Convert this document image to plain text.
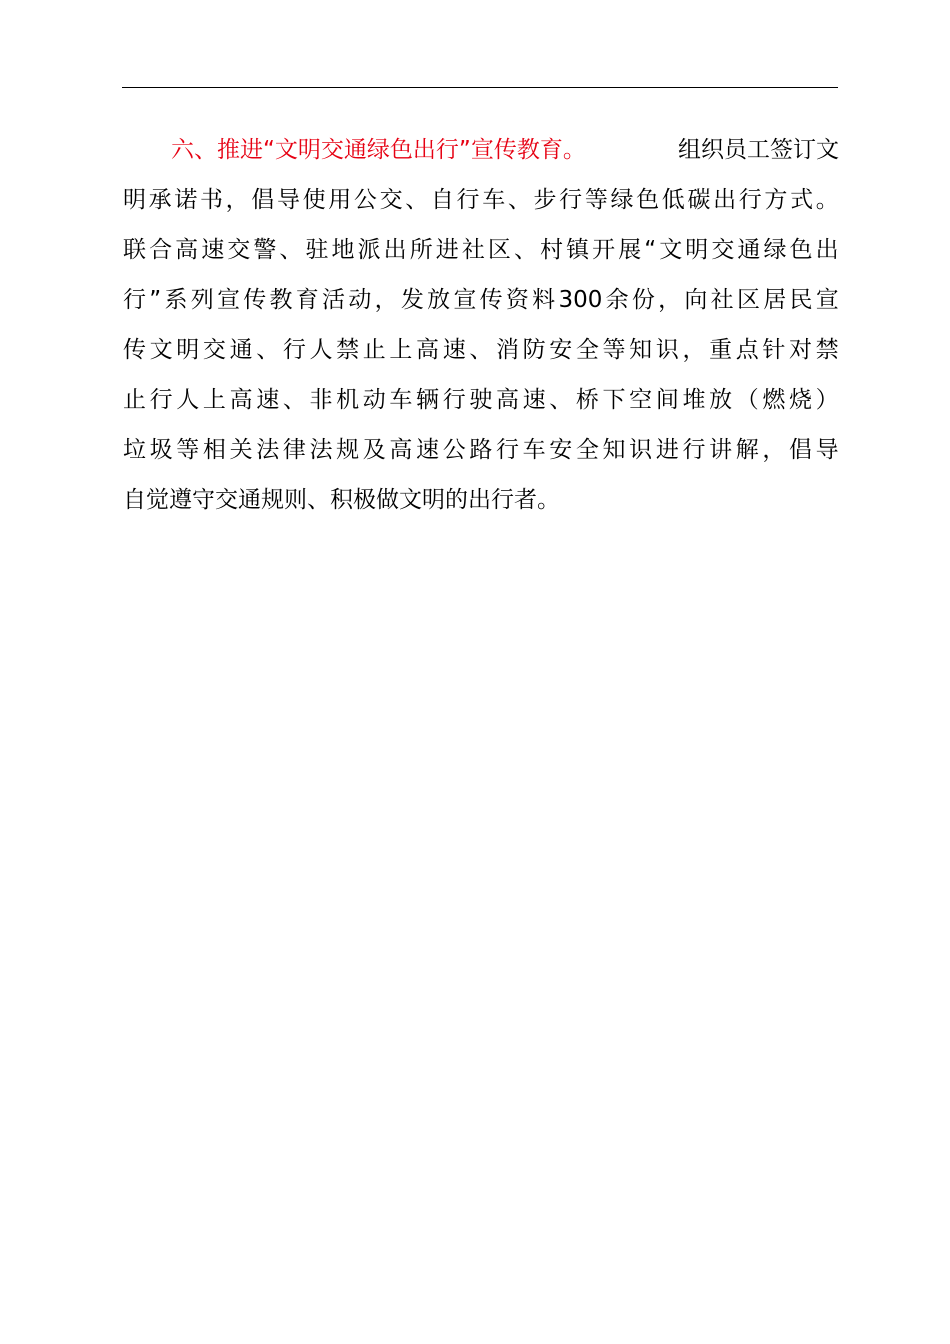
六、推进“文明交通绿色出行”宣传教育。	组织员工签订文
明 承 诺 书 ， 倡 导 使 用 公 交 、 自 行 车 、 步 行 等 绿 色 低 碳 出 行 方 式 。
联 合 高 速 交 警 、 驻 地 派 出 所 进 社 区 、 村 镇 开 展 “ 文 明 交 通 绿 色 出
行 ” 系 列 宣 传 教 育 活 动 ， 发 放 宣 传 资 料 300 余 份 ， 向 社 区 居 民 宣
传 文 明 交 通 、 行 人 禁 止 上 高 速 、 消 防 安 全 等 知 识 ， 重 点 针 对 禁
止 行 人 上 高 速 、 非 机 动 车 辆 行 驶 高 速 、 桥 下 空 间 堆 放 （ 燃 烧 ）
垃 圾 等 相 关 法 律 法 规 及 高 速 公 路 行 车 安 全 知 识 进 行 讲 解 ， 倡 导
自觉遵守交通规则、积极做文明的出行者。
